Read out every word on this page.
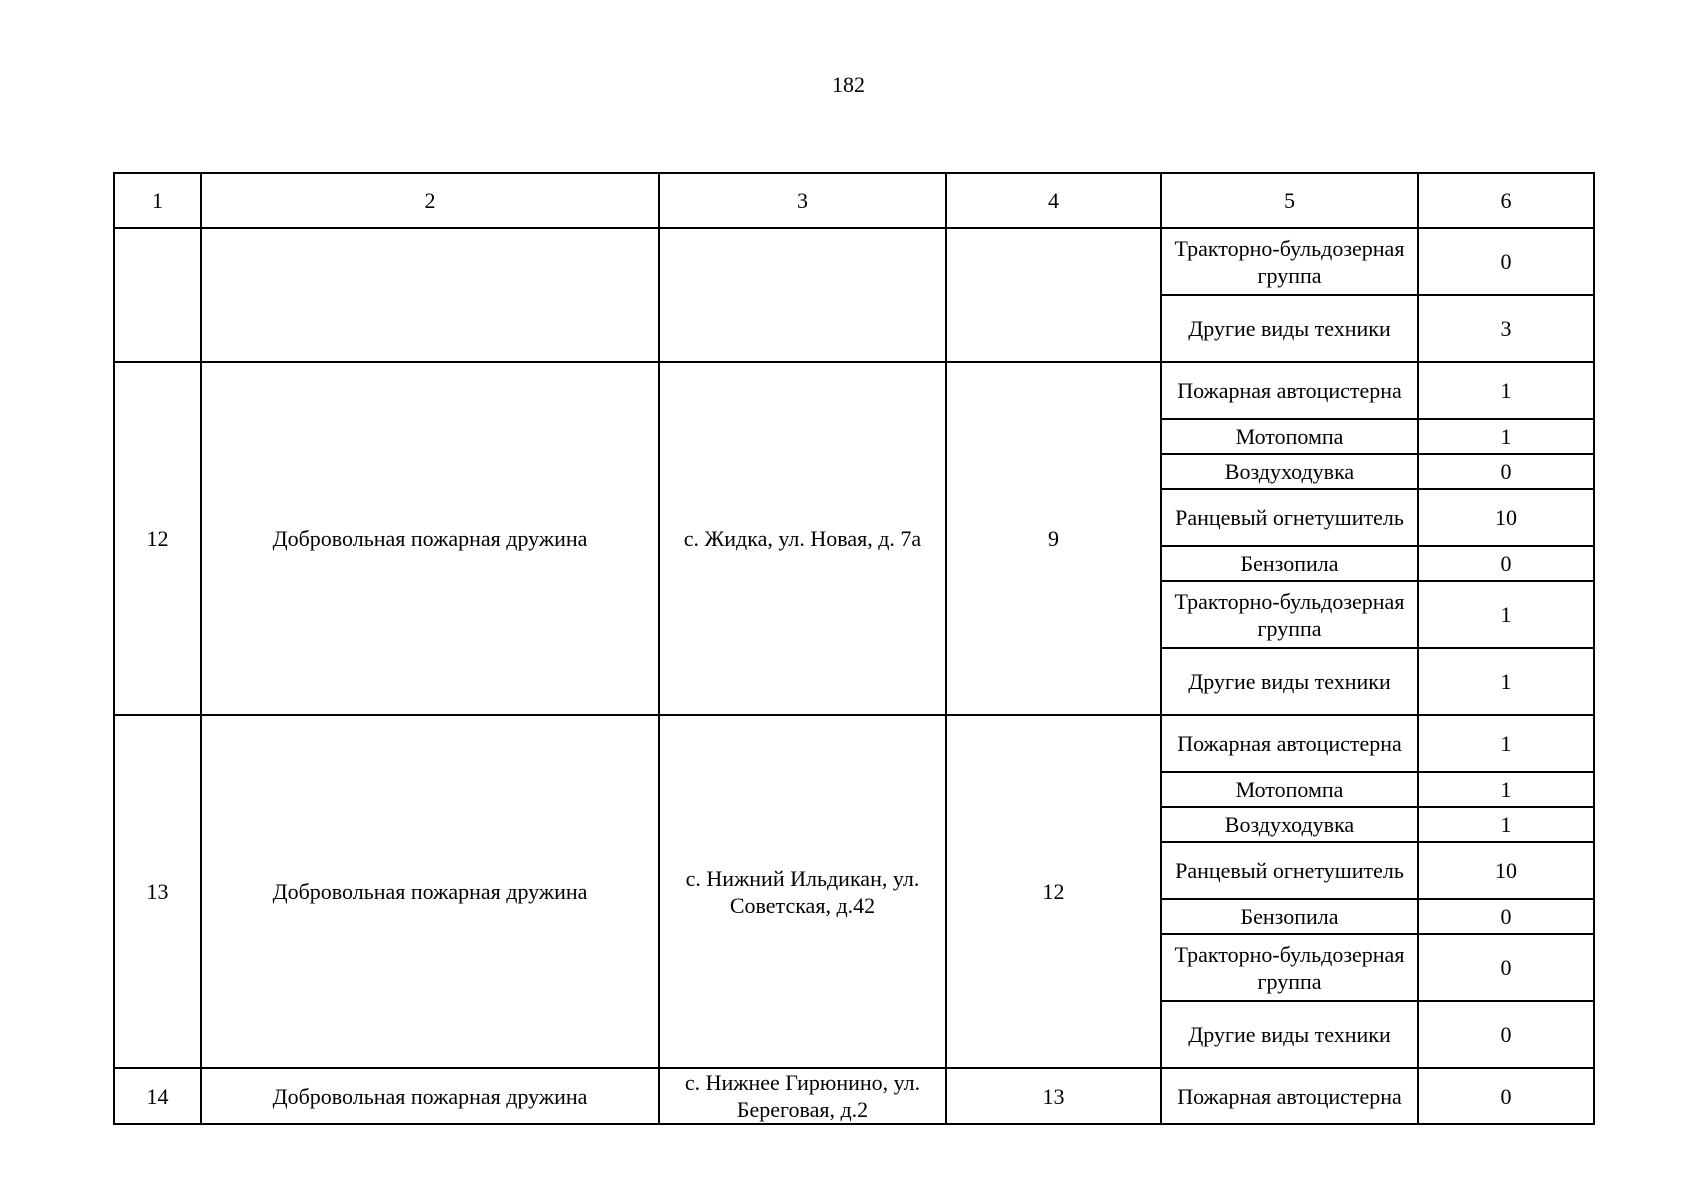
182
1	2	3	4	5	6
				Тракторно-бульдозерная группа	0
				Другие виды техники	3
12	Добровольная пожарная дружина	с. Жидка, ул. Новая, д. 7а	9	Пожарная автоцистерна	1
				Мотопомпа	1
				Воздуходувка	0
				Ранцевый огнетушитель	10
				Бензопила	0
				Тракторно-бульдозерная группа	1
				Другие виды техники	1
13	Добровольная пожарная дружина	с. Нижний Ильдикан, ул. Советская, д.42	12	Пожарная автоцистерна	1
				Мотопомпа	1
				Воздуходувка	1
				Ранцевый огнетушитель	10
				Бензопила	0
				Тракторно-бульдозерная группа	0
				Другие виды техники	0
14	Добровольная пожарная дружина	с. Нижнее Гирюнино, ул. Береговая, д.2	13	Пожарная автоцистерна	0
